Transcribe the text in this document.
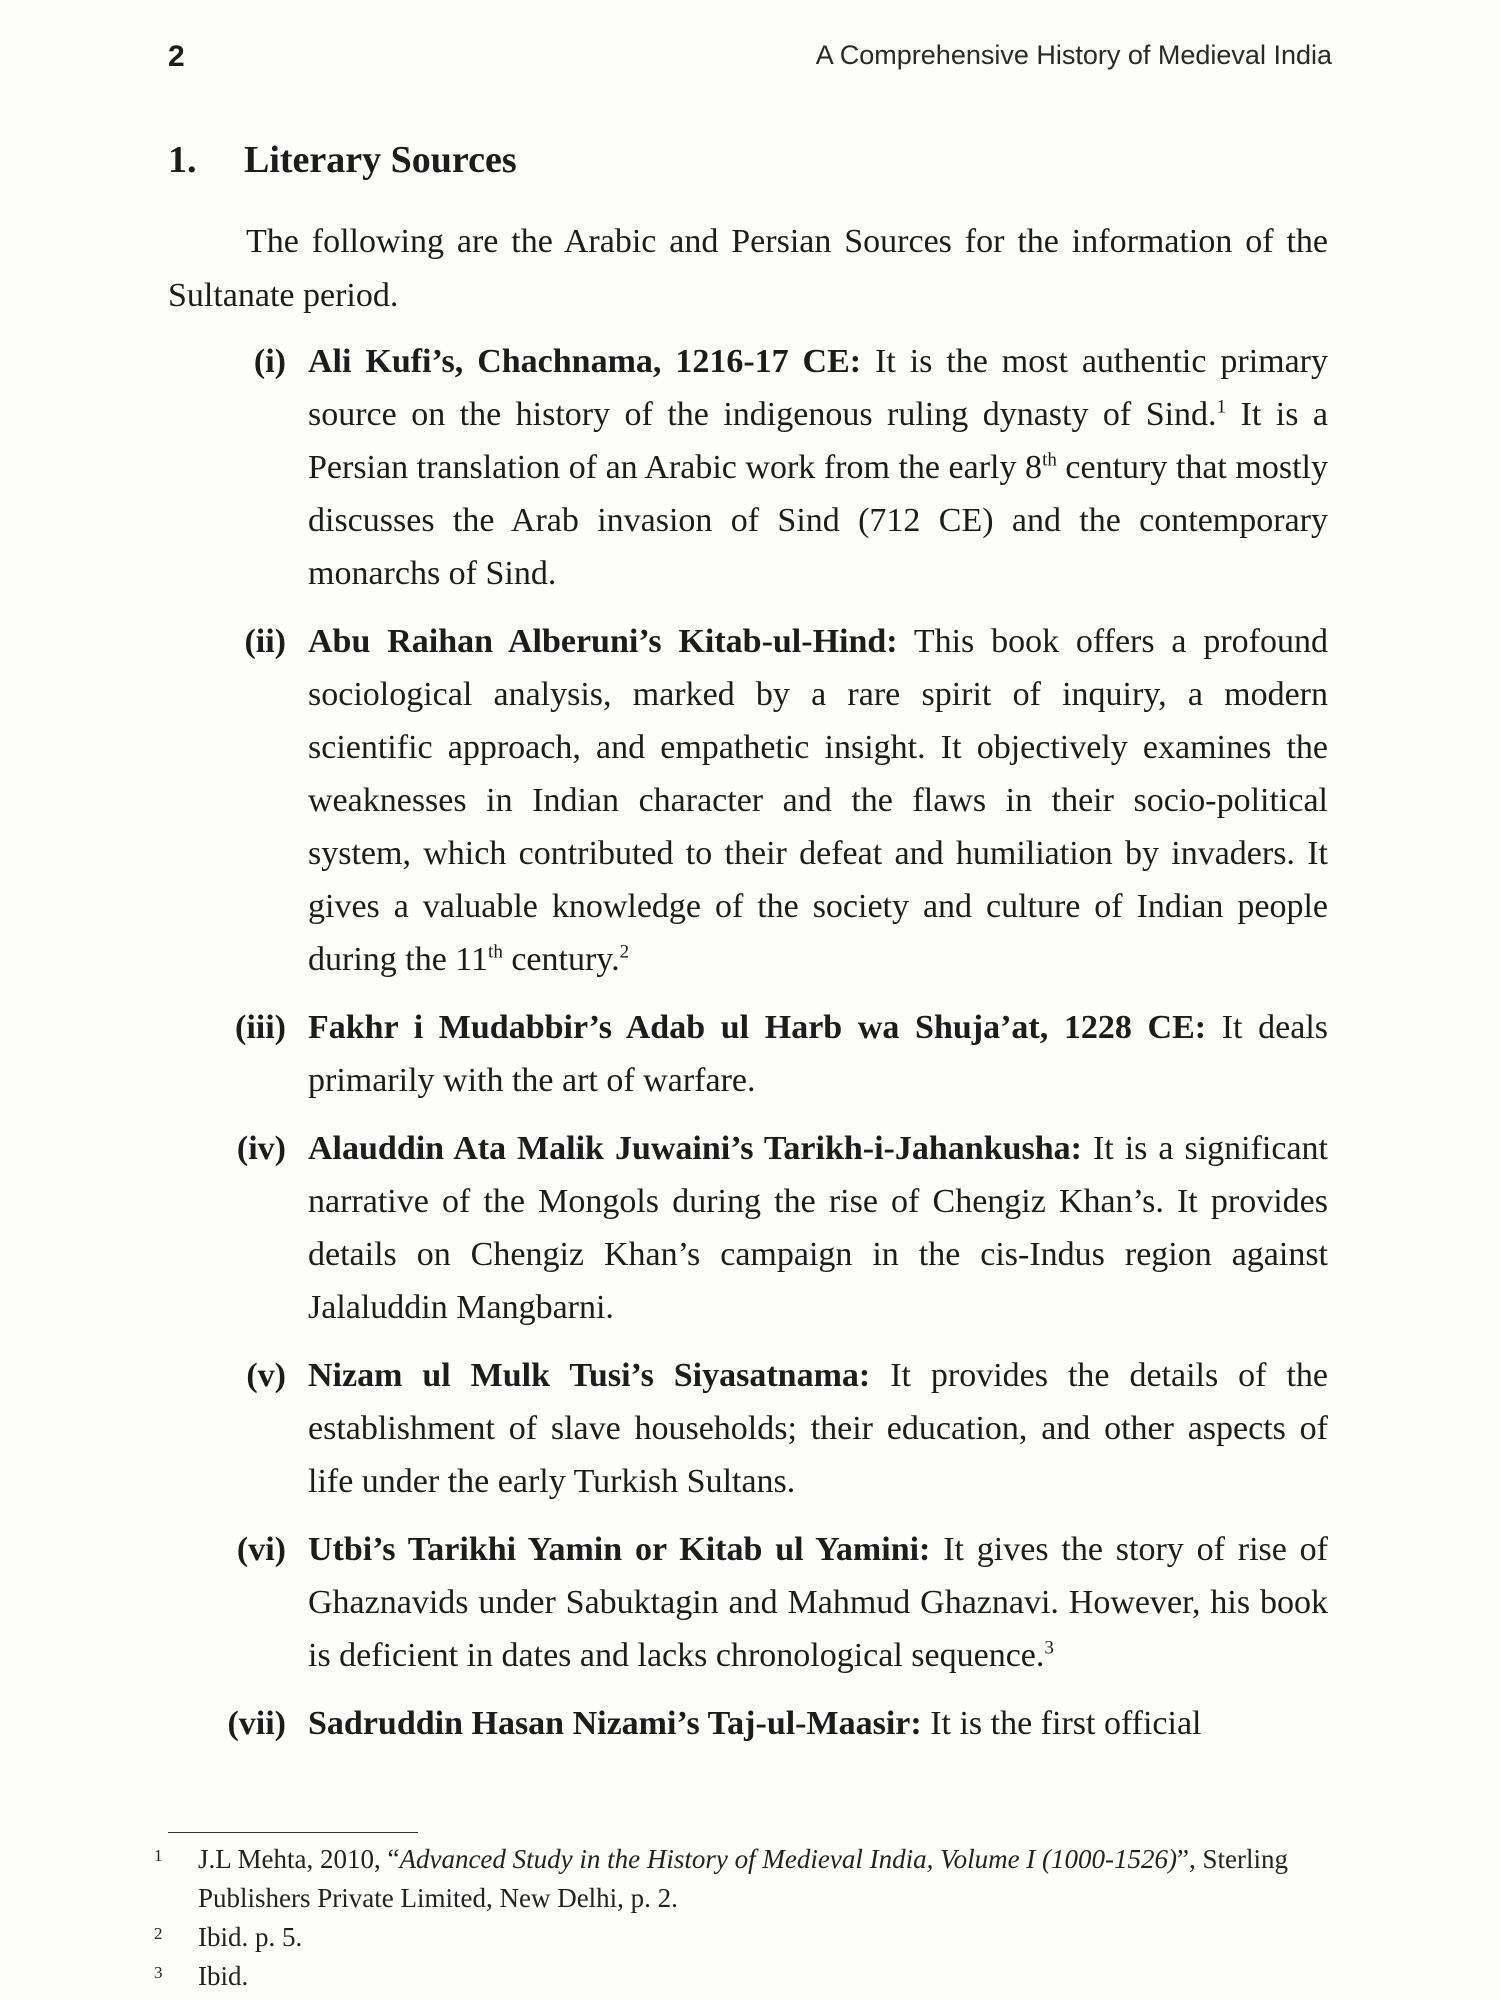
2	A Comprehensive History of Medieval India
1. Literary Sources

The following are the Arabic and Persian Sources for the information of the Sultanate period.

(i) Ali Kufi’s, Chachnama, 1216-17 CE: It is the most authentic primary source on the history of the indigenous ruling dynasty of Sind.$^1$ It is a Persian translation of an Arabic work from the early 8th century that mostly discusses the Arab invasion of Sind (712 CE) and the contemporary monarchs of Sind.
(ii) Abu Raihan Alberuni’s Kitab-ul-Hind: This book offers a profound sociological analysis, marked by a rare spirit of inquiry, a modern scientific approach, and empathetic insight. It objectively examines the weaknesses in Indian character and the flaws in their socio-political system, which contributed to their defeat and humiliation by invaders. It gives a valuable knowledge of the society and culture of Indian people during the 11th century.$^2$
(iii) Fakhr i Mudabbir’s Adab ul Harb wa Shuja’at, 1228 CE: It deals primarily with the art of warfare.
(iv) Alauddin Ata Malik Juwaini’s Tarikh-i-Jahankusha: It is a significant narrative of the Mongols during the rise of Chengiz Khan’s. It provides details on Chengiz Khan’s campaign in the cis-Indus region against Jalaluddin Mangbarni.
(v) Nizam ul Mulk Tusi’s Siyasatnama: It provides the details of the establishment of slave households; their education, and other aspects of life under the early Turkish Sultans.
(vi) Utbi’s Tarikhi Yamin or Kitab ul Yamini: It gives the story of rise of Ghaznavids under Sabuktagin and Mahmud Ghaznavi. However, his book is deficient in dates and lacks chronological sequence.$^3$
(vii) Sadruddin Hasan Nizami’s Taj-ul-Maasir: It is the first official
1 J.L Mehta, 2010, “Advanced Study in the History of Medieval India, Volume I (1000-1526)”, Sterling Publishers Private Limited, New Delhi, p. 2.
2 Ibid. p. 5.
3 Ibid.
